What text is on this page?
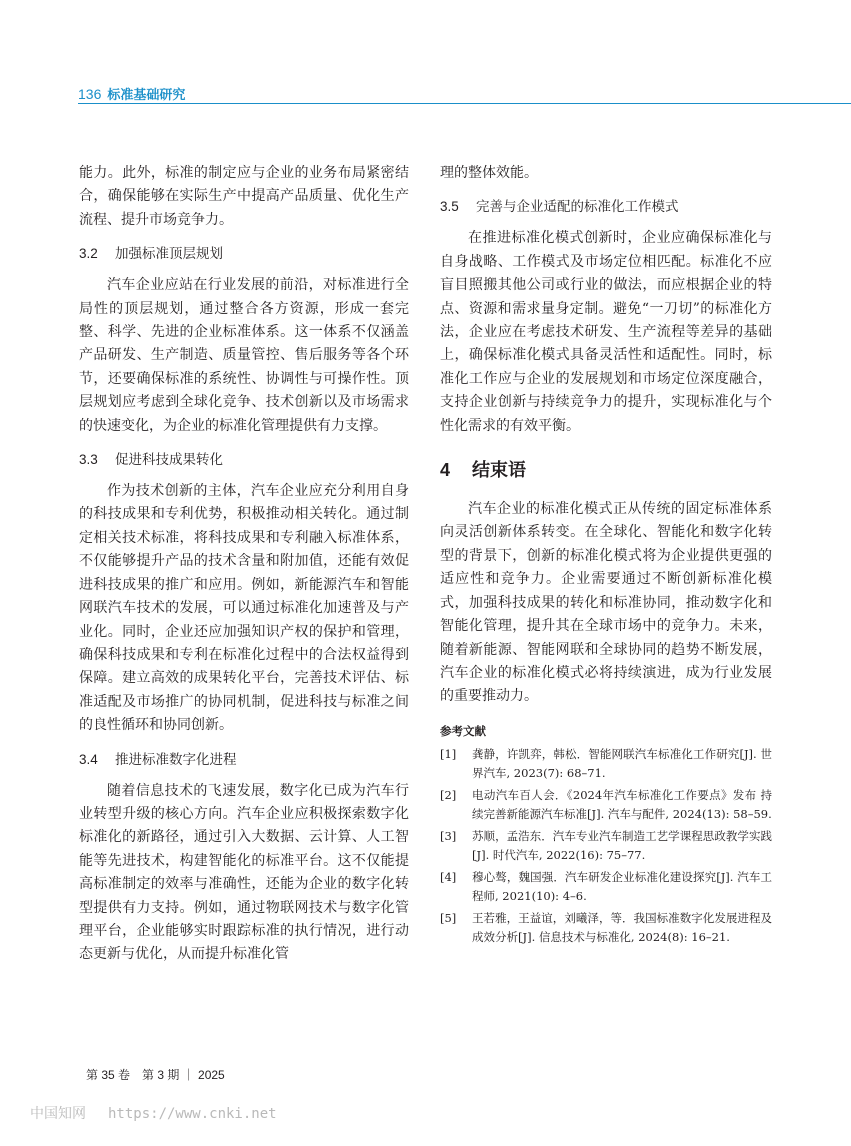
136 标准基础研究

能力。此外，标准的制定应与企业的业务布局紧密结合，确保能够在实际生产中提高产品质量、优化生产流程、提升市场竞争力。

3.2 加强标准顶层规划

汽车企业应站在行业发展的前沿，对标准进行全局性的顶层规划，通过整合各方资源，形成一套完整、科学、先进的企业标准体系。这一体系不仅涵盖产品研发、生产制造、质量管控、售后服务等各个环节，还要确保标准的系统性、协调性与可操作性。顶层规划应考虑到全球化竞争、技术创新以及市场需求的快速变化，为企业的标准化管理提供有力支撑。

3.3 促进科技成果转化

作为技术创新的主体，汽车企业应充分利用自身的科技成果和专利优势，积极推动相关转化。通过制定相关技术标准，将科技成果和专利融入标准体系，不仅能够提升产品的技术含量和附加值，还能有效促进科技成果的推广和应用。例如，新能源汽车和智能网联汽车技术的发展，可以通过标准化加速普及与产业化。同时，企业还应加强知识产权的保护和管理，确保科技成果和专利在标准化过程中的合法权益得到保障。建立高效的成果转化平台，完善技术评估、标准适配及市场推广的协同机制，促进科技与标准之间的良性循环和协同创新。

3.4 推进标准数字化进程

随着信息技术的飞速发展，数字化已成为汽车行业转型升级的核心方向。汽车企业应积极探索数字化标准化的新路径，通过引入大数据、云计算、人工智能等先进技术，构建智能化的标准平台。这不仅能提高标准制定的效率与准确性，还能为企业的数字化转型提供有力支持。例如，通过物联网技术与数字化管理平台，企业能够实时跟踪标准的执行情况，进行动态更新与优化，从而提升标准化管

理的整体效能。

3.5 完善与企业适配的标准化工作模式

在推进标准化模式创新时，企业应确保标准化与自身战略、工作模式及市场定位相匹配。标准化不应盲目照搬其他公司或行业的做法，而应根据企业的特点、资源和需求量身定制。避免“一刀切”的标准化方法，企业应在考虑技术研发、生产流程等差异的基础上，确保标准化模式具备灵活性和适配性。同时，标准化工作应与企业的发展规划和市场定位深度融合，支持企业创新与持续竞争力的提升，实现标准化与个性化需求的有效平衡。

4 结束语

汽车企业的标准化模式正从传统的固定标准体系向灵活创新体系转变。在全球化、智能化和数字化转型的背景下，创新的标准化模式将为企业提供更强的适应性和竞争力。企业需要通过不断创新标准化模式，加强科技成果的转化和标准协同，推动数字化和智能化管理，提升其在全球市场中的竞争力。未来，随着新能源、智能网联和全球协同的趋势不断发展，汽车企业的标准化模式必将持续演进，成为行业发展的重要推动力。

参考文献
[1]	龚静，许凯弈，韩松．智能网联汽车标准化工作研究[J]. 世界汽车, 2023(7): 68–71.
[2]	电动汽车百人会．《2024年汽车标准化工作要点》发布 持续完善新能源汽车标准[J]. 汽车与配件, 2024(13): 58–59.
[3]	苏顺，孟浩东．汽车专业汽车制造工艺学课程思政教学实践[J]. 时代汽车, 2022(16): 75–77.
[4]	穆心骜，魏国强．汽车研发企业标准化建设探究[J]. 汽车工程师, 2021(10): 4–6.
[5]	王若雅，王益谊，刘曦泽，等．我国标准数字化发展进程及成效分析[J]. 信息技术与标准化, 2024(8): 16–21.
第 35 卷　第 3 期 ｜ 2025
中国知网 https://www.cnki.net
